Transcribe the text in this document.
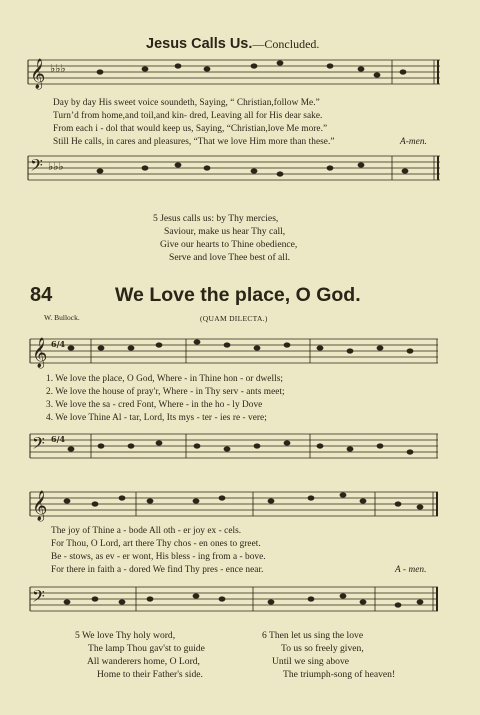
Jesus Calls Us.—Concluded.
𝄞 ♭♭♭
Day by day His sweet voice soundeth, Saying, “ Christian,follow Me.”
Turn’d from home,and toil,and kin- dred, Leaving all for His dear sake.
From each i - dol that would keep us, Saying, “Christian,love Me more.”
Still He calls, in cares and pleasures, “That we love Him more than these.”	A-men.
𝄢 ♭♭♭
5 Jesus calls us: by Thy mercies,
Saviour, make us hear Thy call,
Give our hearts to Thine obedience,
Serve and love Thee best of all.
84	We Love the place, O God.
W. Bullock.	(QUAM DILECTA.)
𝄞 6/4
1. We love the place, O God, Where - in Thine hon - or dwells;
2. We love the house of pray'r, Where - in Thy serv - ants meet;
3. We love the sa - cred Font, Where - in the ho - ly Dove
4. We love Thine Al - tar, Lord, Its mys - ter - ies re - vere;
𝄢 6/4
𝄞
The joy of Thine a - bode All oth - er joy ex - cels.
For Thou, O Lord, art there Thy chos - en ones to greet.
Be - stows, as ev - er wont, His bless - ing from a - bove.
For there in faith a - dored We find Thy pres - ence near.	A - men.
𝄢
5 We love Thy holy word,
The lamp Thou gav'st to guide
All wanderers home, O Lord,
Home to their Father's side.
6 Then let us sing the love
To us so freely given,
Until we sing above
The triumph-song of heaven!
